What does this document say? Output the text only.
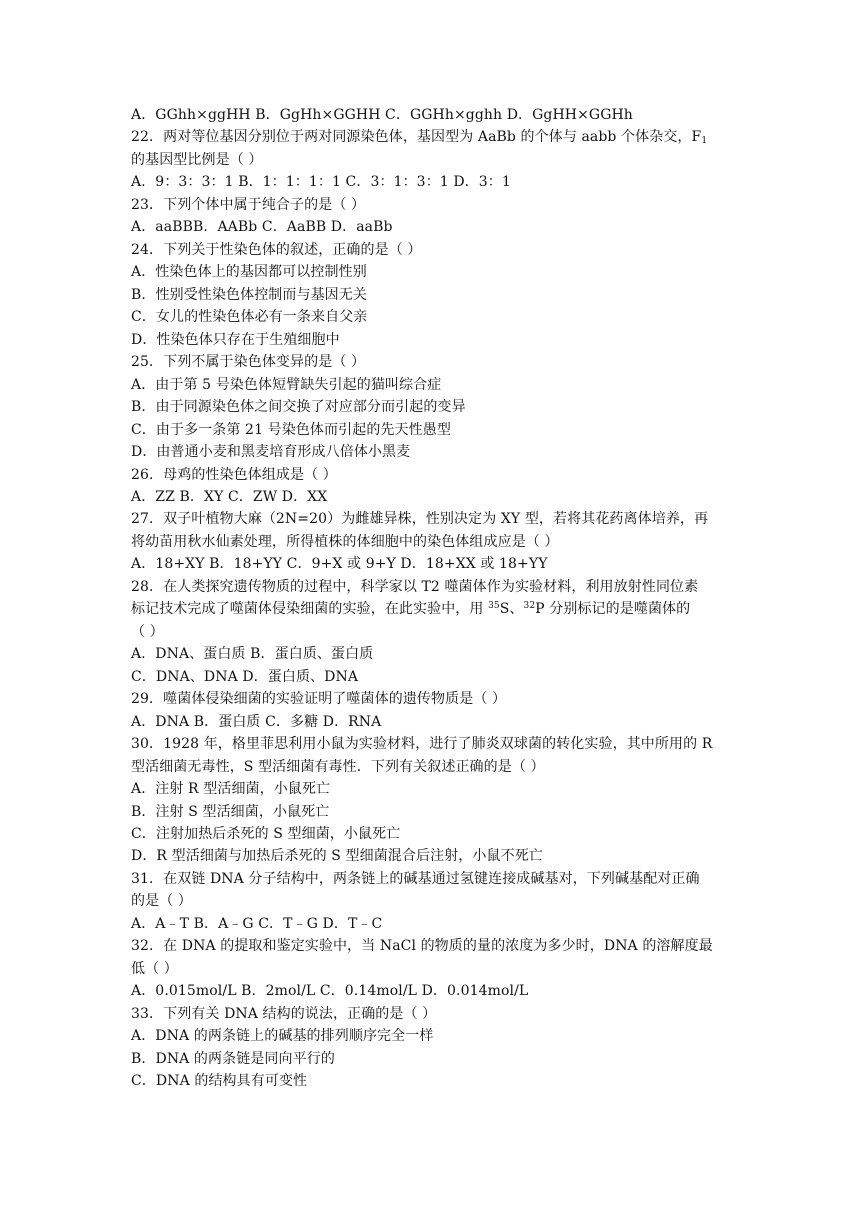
A．GGhh×ggHH B．GgHh×GGHH C．GGHh×gghh D．GgHH×GGHh
22．两对等位基因分别位于两对同源染色体，基因型为 AaBb 的个体与 aabb 个体杂交，$F_1$
的基因型比例是（ ）
A．9：3：3：1 B．1：1：1：1 C．3：1：3：1 D．3：1
23．下列个体中属于纯合子的是（ ）
A．aaBBB．AABb C．AaBB D．aaBb
24．下列关于性染色体的叙述，正确的是（ ）
A．性染色体上的基因都可以控制性别
B．性别受性染色体控制而与基因无关
C．女儿的性染色体必有一条来自父亲
D．性染色体只存在于生殖细胞中
25．下列不属于染色体变异的是（ ）
A．由于第 5 号染色体短臂缺失引起的猫叫综合症
B．由于同源染色体之间交换了对应部分而引起的变异
C．由于多一条第 21 号染色体而引起的先天性愚型
D．由普通小麦和黑麦培育形成八倍体小黑麦
26．母鸡的性染色体组成是（ ）
A．ZZ B．XY C．ZW D．XX
27．双子叶植物大麻（2N=20）为雌雄异株，性别决定为 XY 型，若将其花药离体培养，再
将幼苗用秋水仙素处理，所得植株的体细胞中的染色体组成应是（ ）
A．18+XY B．18+YY C．9+X 或 9+Y D．18+XX 或 18+YY
28．在人类探究遗传物质的过程中，科学家以 T2 噬菌体作为实验材料，利用放射性同位素
标记技术完成了噬菌体侵染细菌的实验，在此实验中，用 $^{35}$S、$^{32}$P 分别标记的是噬菌体的
（ ）
A．DNA、蛋白质 B．蛋白质、蛋白质
C．DNA、DNA D．蛋白质、DNA
29．噬菌体侵染细菌的实验证明了噬菌体的遗传物质是（ ）
A．DNA B．蛋白质 C．多糖 D．RNA
30．1928 年，格里菲思利用小鼠为实验材料，进行了肺炎双球菌的转化实验，其中所用的 R
型活细菌无毒性，S 型活细菌有毒性．下列有关叙述正确的是（ ）
A．注射 R 型活细菌，小鼠死亡
B．注射 S 型活细菌，小鼠死亡
C．注射加热后杀死的 S 型细菌，小鼠死亡
D．R 型活细菌与加热后杀死的 S 型细菌混合后注射，小鼠不死亡
31．在双链 DNA 分子结构中，两条链上的碱基通过氢键连接成碱基对，下列碱基配对正确
的是（ ）
A．A﹣T B．A﹣G C．T﹣G D．T﹣C
32．在 DNA 的提取和鉴定实验中，当 NaCl 的物质的量的浓度为多少时，DNA 的溶解度最
低（ ）
A．0.015mol/L B．2mol/L C．0.14mol/L D．0.014mol/L
33．下列有关 DNA 结构的说法，正确的是（ ）
A．DNA 的两条链上的碱基的排列顺序完全一样
B．DNA 的两条链是同向平行的
C．DNA 的结构具有可变性
